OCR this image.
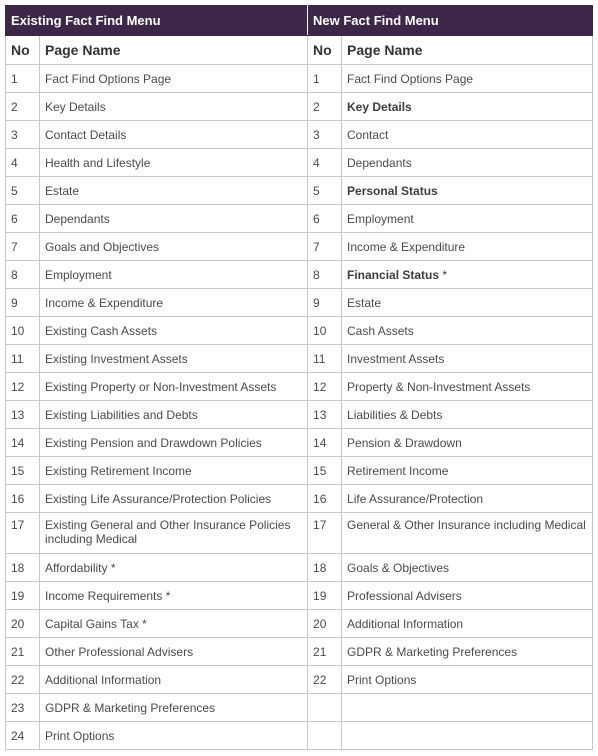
Existing Fact Find Menu		New Fact Find Menu	
No	Page Name	No	Page Name
1	Fact Find Options Page	1	Fact Find Options Page
2	Key Details	2	Key Details
3	Contact Details	3	Contact
4	Health and Lifestyle	4	Dependants
5	Estate	5	Personal Status
6	Dependants	6	Employment
7	Goals and Objectives	7	Income & Expenditure
8	Employment	8	Financial Status *
9	Income & Expenditure	9	Estate
10	Existing Cash Assets	10	Cash Assets
11	Existing Investment Assets	11	Investment Assets
12	Existing Property or Non-Investment Assets	12	Property & Non-Investment Assets
13	Existing Liabilities and Debts	13	Liabilities & Debts
14	Existing Pension and Drawdown Policies	14	Pension & Drawdown
15	Existing Retirement Income	15	Retirement Income
16	Existing Life Assurance/Protection Policies	16	Life Assurance/Protection
17	Existing General and Other Insurance Policies including Medical	17	General & Other Insurance including Medical
18	Affordability *	18	Goals & Objectives
19	Income Requirements *	19	Professional Advisers
20	Capital Gains Tax *	20	Additional Information
21	Other Professional Advisers	21	GDPR & Marketing Preferences
22	Additional Information	22	Print Options
23	GDPR & Marketing Preferences		
24	Print Options		
